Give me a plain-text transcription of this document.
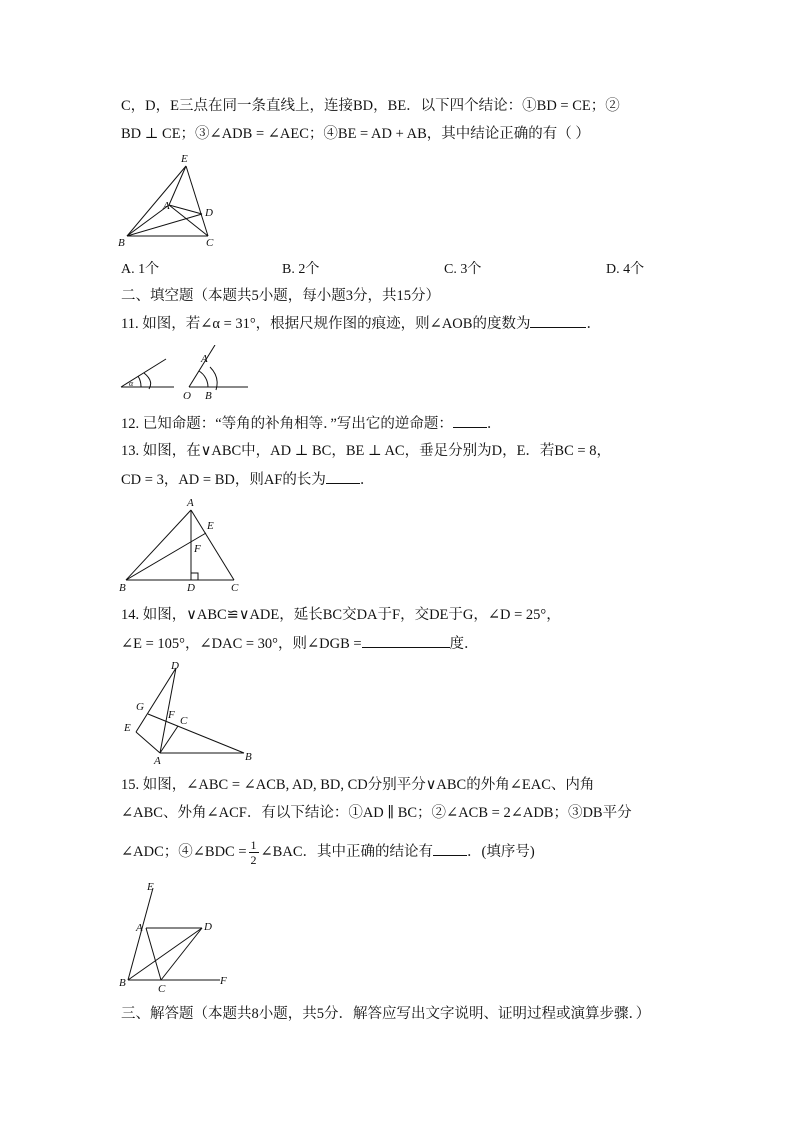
C，D，E三点在同一条直线上，连接BD，BE．以下四个结论：①BD = CE；②
BD ⊥ CE；③∠ADB = ∠AEC；④BE = AD + AB，其中结论正确的有（ ）
E
A
D
B	C
A. 1个	B. 2个	C. 3个	D. 4个
二、填空题（本题共5小题，每小题3分，共15分）
11. 如图，若∠α = 31°，根据尺规作图的痕迹，则∠AOB的度数为	．
α
A
O B
12. 已知命题：“等角的补角相等．”写出它的逆命题： ．
13. 如图，在∨ABC中，AD ⊥ BC，BE ⊥ AC，垂足分别为D，E．若BC = 8，
CD = 3，AD = BD，则AF的长为 ．
A
E
F
B	D	C
14. 如图，∨ABC≌∨ADE，延长BC交DA于F，交DE于G，∠D = 25°，
∠E = 105°，∠DAC = 30°，则∠DGB =	度．
D
G
F C
E
A	B
15. 如图，∠ABC = ∠ACB, AD, BD, CD分别平分∨ABC的外角∠EAC、内角
∠ABC、外角∠ACF．有以下结论：①AD ∥ BC；②∠ACB = 2∠ADB；③DB平分
∠ADC；④∠BDC = $\frac{1}{2}$ ∠BAC．其中正确的结论有 ．(填序号)
E
A	D
B	C
F
三、解答题（本题共8小题，共5分．解答应写出文字说明、证明过程或演算步骤．）
